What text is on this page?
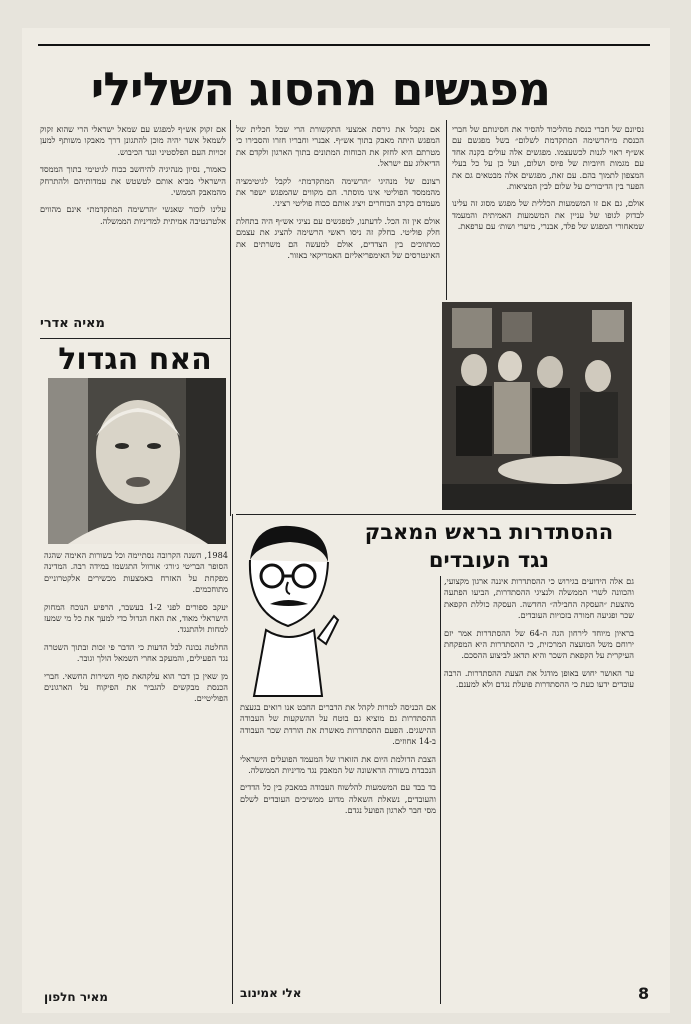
מפגשים מהסוג השלילי

נסיונם של חברי כנסת מהליכוד להסיר את חסינותם של חברי הכנסת מ״הרשימה המתקדמת לשלום״ בשל מפגשם עם אש״ף ראוי לגנות לכשעצמו. מפגשים אלה עולים בקנה אחד עם מגמות חיוביות של פיוס ושלום, ועל כן על כל בעלי המצפון לתמוך בהם. עם זאת, מפגשים אלה מבטאים גם את הפער בין הדיבורים על שלום לבין המציאות.

אולם, גם אם זו המשמעות הכללית של מפגש מסוג זה עלינו לבדוק לגופו של עניין את המשמעות האמיתית והמעמד שמאחורי המפגש של פלד, אבנרי, מיערי ושות׳ עם ערפאת.

אם נקבל את גירסת אמצעי התקשורת הרי שבל חכלית של המפגש היתה מאבק בתוך אש״ף. אבנרי וחבריו חזרו והסבירו כי מטרתם היא לחזק את הכוחות המתונים בתוך הארגון ולקדם את הדיאלוג עם ישראל.

רצונם של מנהיגי ״הרשימה המתקדמת״ לקבל לגיטימציה מהממסד הפוליטי אינו מוסתר. הם מקווים שהמפגש ישפר את מעמדם בקרב הבוחרים ויציג אותם ככוח פוליטי רציני.

אולם אין זה הכל. לדעתנו, למפגשים עם נציגי אש״ף היה בתחלת חלק פוליטי. בחלק זה ניסו ראשי הרשימה להציג את עצמם כמתווכים בין הצדדים, אולם למעשה הם משרתים את האינטרסים של האימפריאליזם האמריקאי באזור.

אם זקוק אש״ף למפגש עם שמאל ישראלי הרי שהוא זקוק לשמאל אשר יהיה מוכן להתגונן דרך מאבקו משותף למען זכויות העם הפלסטיני ונגד הכיבוש.

כאמור, נסיון מנהיגיה להיחשב ככוח לגיטימי בתוך הממסד הישראלי מביא אותם לטשטש את עמדותיהם ולהתרחק מהמאבק הממשי.

עלינו לזכור שאנשי ״הרשימה המתקדמת״ אינם מהווים אלטרנטיבה אמיתית למדיניות הממשלה.

מאיה אדרי
האח הגדול

1984, השנה הקרובה נסתיימה וכל בשורות האימה שהגה הסופר הבריטי ג׳ורג׳ אורוול התגשמו במידה רבה. המדינה מפקחת על האזרח באמצעות מכשירים אלקטרוניים מתוחכמים.

יעקב ספורים לפני 1-2 בעשבר, הרפיע הנוכח המחוק הישראלי מאוד, את האח הגדול כדי למעך את כל מי שמעז למחות ולהתנגד.

החלטה נכונה לבל הדעות כי הדבר פי זכות ובתוך השטרה נגד הפעילים, והמעקב אחרי השמאל הולך וגובר.

מן שאין כן דבר הוא עלקהאת סוף השירות החשאי. חברי הכנסת מבקשים להגביר את הפיקוח על הארגונים הפוליטיים.

מאיר חלפון
ההסתדרות בראש המאבק
נגד העובדים

גם אלה הידועים בגירוש כי ההסתדרות איננה ארגון מקצועי, והכוונה לשרי הממשלה ולנציגי ההסתדרות, הביעו הפתעה מהצעת ״העסקה החבילה״ החדשה. העסקה כוללת הקפאת שכר ופגיעה חמורה בזכויות העובדים.

בראיון מיוחד לירחון הגה ה-64 של ההסתדרות אמר יזם ירוחם משל המועצה המרכזית, כי ההסתדרות היא המפקחת העיקרית על הקפאת השכר והיא תדאג לביצוע ההסכם.

ער האושר יחוש באופן מודגל את הצעת ההסתדרות. הרבה עובדים ידעו כעת כי ההסתדרות פועלת נגדם ולא למענם.

אם הכניסה למרות לקהל את הדברים החבט אנו רואים בגעצת ההסתדרות גם מוציא גם בוטח על ההשקעות של העבודה ההישגים. הפעם ההסתדרות מאשרת את הורדת שכר העבודה ב-14 אחוזים.

הצבת הדולמת היום את הזוארו של המעמד הפועלים הישראלי הנכבדת בשורה הראשונה של המאבק נגד מדיניות הממשלה.

בד בבד עם המשמעות להלשוח העבודה במאבק בין כל הדדים והעובדים, נשאלת השאלה מדוע ממשיכים העובדים לשלם מסי חבר לארגון הפועל נגדם.

אלי אמינוב	8
